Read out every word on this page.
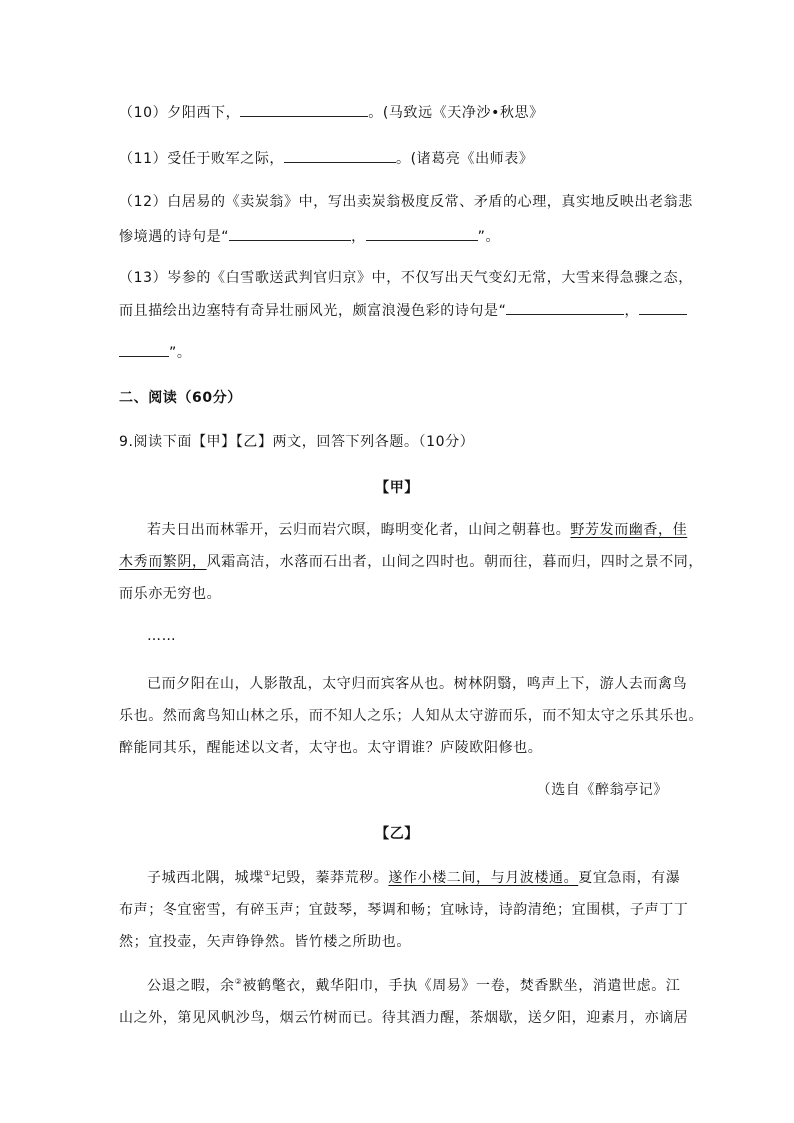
（10）夕阳西下，	。(马致远《天净沙•秋思》
（11）受任于败军之际，	。(诸葛亮《出师表》
（12）白居易的《卖炭翁》中，写出卖炭翁极度反常、矛盾的心理，真实地反映出老翁悲
惨境遇的诗句是“	，	”。
（13）岑参的《白雪歌送武判官归京》中，不仅写出天气变幻无常，大雪来得急骤之态，
而且描绘出边塞特有奇异壮丽风光，颇富浪漫色彩的诗句是“	，
”。
二、阅读（60分）
9.阅读下面【甲】【乙】两文，回答下列各题。（10分）
【甲】
若夫日出而林霏开，云归而岩穴暝，晦明变化者，山间之朝暮也。野芳发而幽香，佳
木秀而繁阴，风霜高洁，水落而石出者，山间之四时也。朝而往，暮而归，四时之景不同，
而乐亦无穷也。
……
已而夕阳在山，人影散乱，太守归而宾客从也。树林阴翳，鸣声上下，游人去而禽鸟
乐也。然而禽鸟知山林之乐，而不知人之乐；人知从太守游而乐，而不知太守之乐其乐也。
醉能同其乐，醒能述以文者，太守也。太守谓谁？庐陵欧阳修也。
（选自《醉翁亭记》
【乙】
子城西北隅，城堞①圮毁，蓁莽荒秽。遂作小楼二间，与月波楼通。夏宜急雨，有瀑
布声；冬宜密雪，有碎玉声；宜鼓琴，琴调和畅；宜咏诗，诗韵清绝；宜围棋，子声丁丁
然；宜投壶，矢声铮铮然。皆竹楼之所助也。
公退之暇，余②被鹤氅衣，戴华阳巾，手执《周易》一卷，焚香默坐，消遣世虑。江
山之外，第见风帆沙鸟，烟云竹树而已。待其酒力醒，茶烟歇，送夕阳，迎素月，亦谪居
